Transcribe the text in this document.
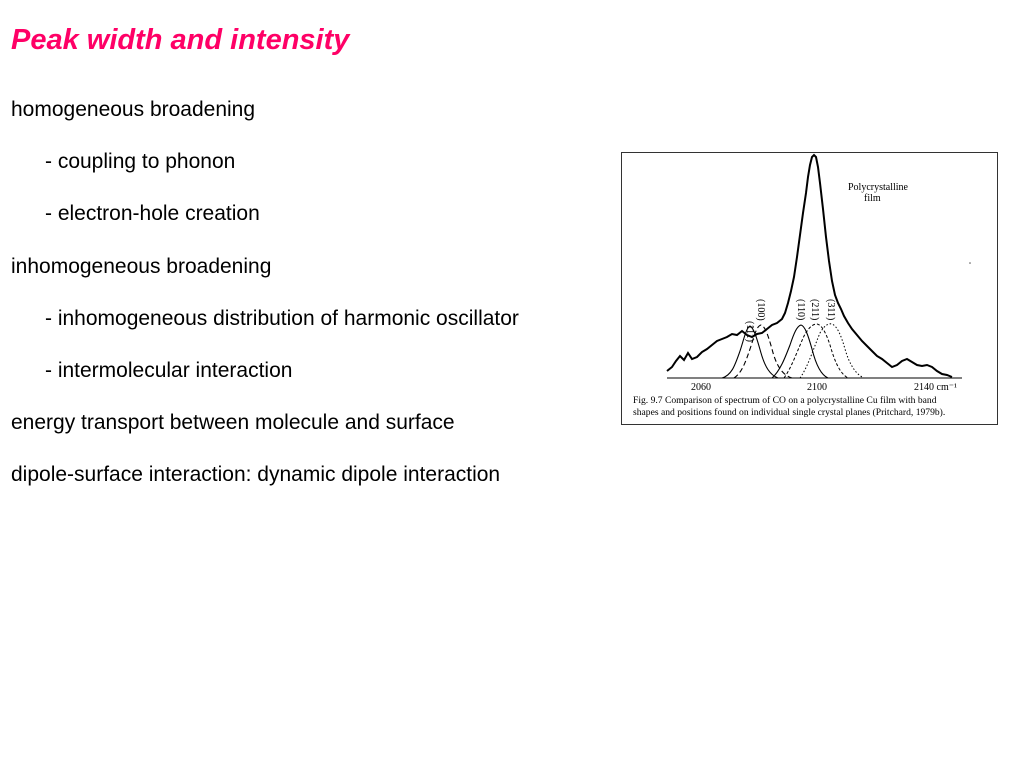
Peak width and intensity
homogeneous broadening
- coupling to phonon
- electron-hole creation
inhomogeneous broadening
- inhomogeneous distribution of harmonic oscillator
- intermolecular interaction
energy transport between molecule and surface
dipole-surface interaction: dynamic dipole interaction
(111)
(100)	(110) (211) (311)
Polycrystalline
film
2060	2100	2140 cm⁻¹
Fig. 9.7 Comparison of spectrum of CO on a polycrystalline Cu film with band
shapes and positions found on individual single crystal planes (Pritchard, 1979b).
